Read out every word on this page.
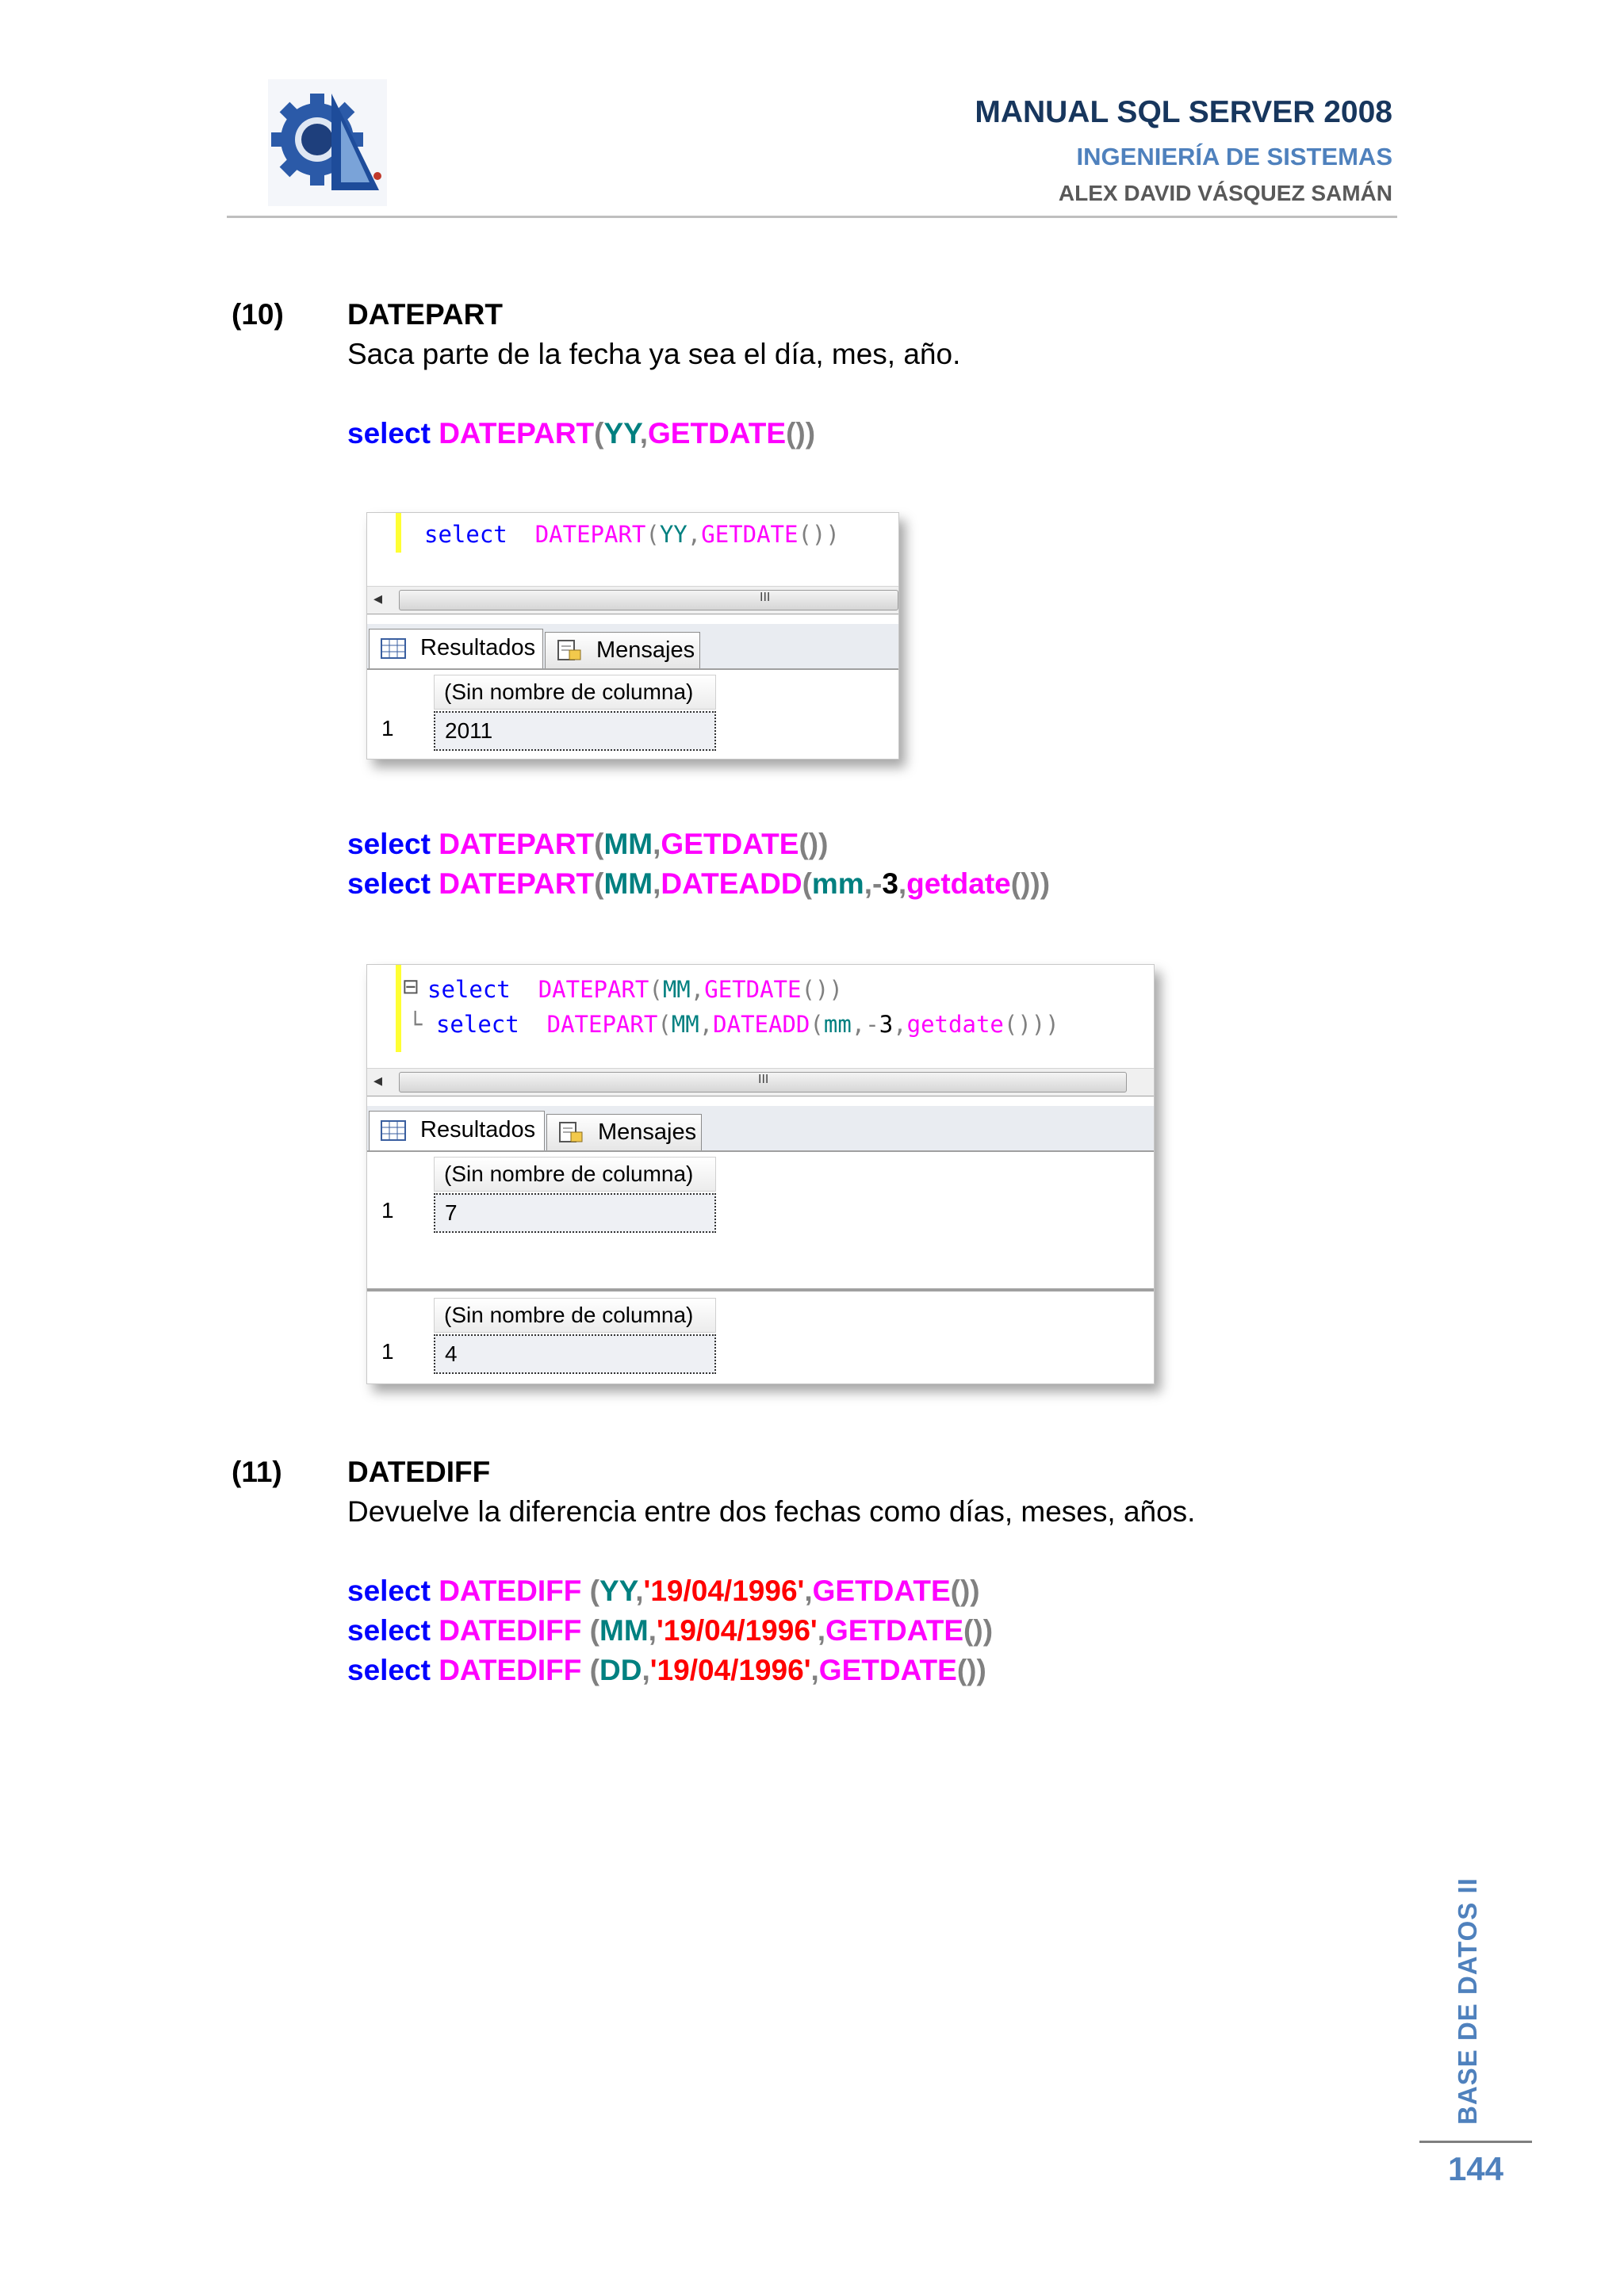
MANUAL SQL SERVER 2008
INGENIERÍA DE SISTEMAS
ALEX DAVID VÁSQUEZ SAMÁN
(10) DATEPART
Saca parte de la fecha ya sea el día, mes, año.
select DATEPART(YY,GETDATE())
select DATEPART(YY,GETDATE())
◂	III
Resultados	Mensajes
(Sin nombre de columna)
1	2011
select DATEPART(MM,GETDATE())
select DATEPART(MM,DATEADD(mm,-3,getdate()))
⊟ select DATEPART(MM,GETDATE())
└ select DATEPART(MM,DATEADD(mm,-3,getdate()))
◂	III
Resultados	Mensajes
(Sin nombre de columna)
1	7
(Sin nombre de columna)
1	4
(11) DATEDIFF
Devuelve la diferencia entre dos fechas como días, meses, años.
select DATEDIFF (YY,'19/04/1996',GETDATE())
select DATEDIFF (MM,'19/04/1996',GETDATE())
select DATEDIFF (DD,'19/04/1996',GETDATE())
BASE DE DATOS II
144
